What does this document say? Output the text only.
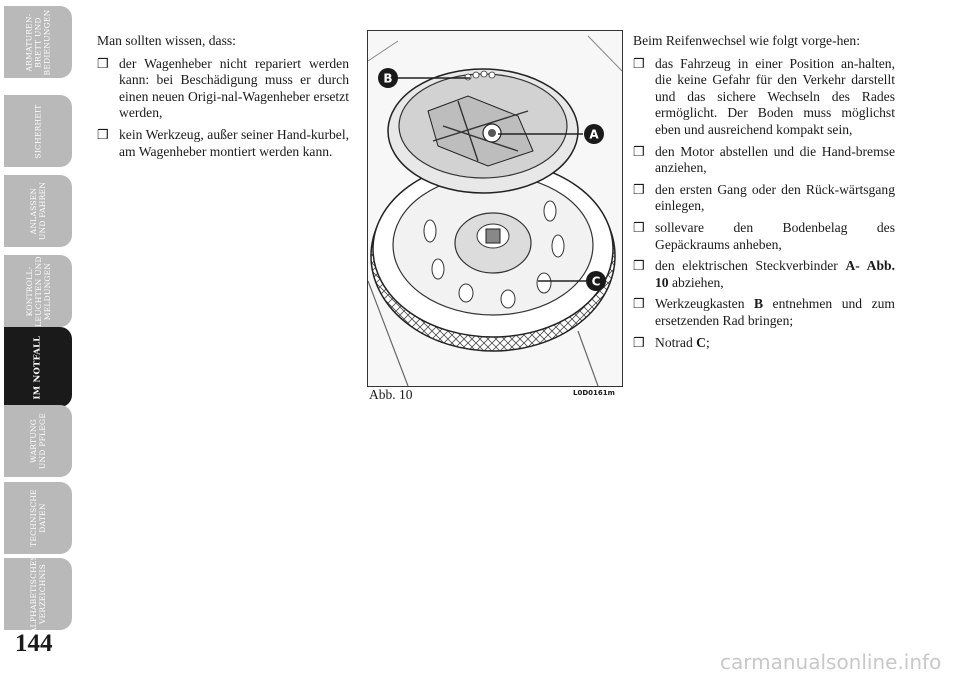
ARMATUREN-
BRETT UND
BEDIENUNGEN
SICHERHEIT
ANLASSEN
UND FAHREN
KONTROLL-
LEUCHTEN UND
MELDUNGEN
IM NOTFALL
WARTUNG
UND PFLEGE
TECHNISCHE
DATEN
ALPHABETISCHES
VERZEICHNIS
144

Man sollten wissen, dass:

❒ der Wagenheber nicht repariert werden kann: bei Beschädigung muss er durch einen neuen Origi-nal-Wagenheber ersetzt werden,
❒ kein Werkzeug, außer seiner Hand-kurbel, am Wagenheber montiert werden kann.
B
A
C
Abb. 10	L0D0161m

Beim Reifenwechsel wie folgt vorge-hen:

❒ das Fahrzeug in einer Position an-halten, die keine Gefahr für den Verkehr darstellt und das sichere Wechseln des Rades ermöglicht. Der Boden muss möglichst eben und ausreichend kompakt sein,
❒ den Motor abstellen und die Hand-bremse anziehen,
❒ den ersten Gang oder den Rück-wärtsgang einlegen,
❒ sollevare den Bodenbelag des Gepäckraums anheben,
❒ den elektrischen Steckverbinder A- Abb. 10 abziehen,
❒ Werkzeugkasten B entnehmen und zum ersetzenden Rad bringen;
❒ Notrad C;
carmanualsonline.info
